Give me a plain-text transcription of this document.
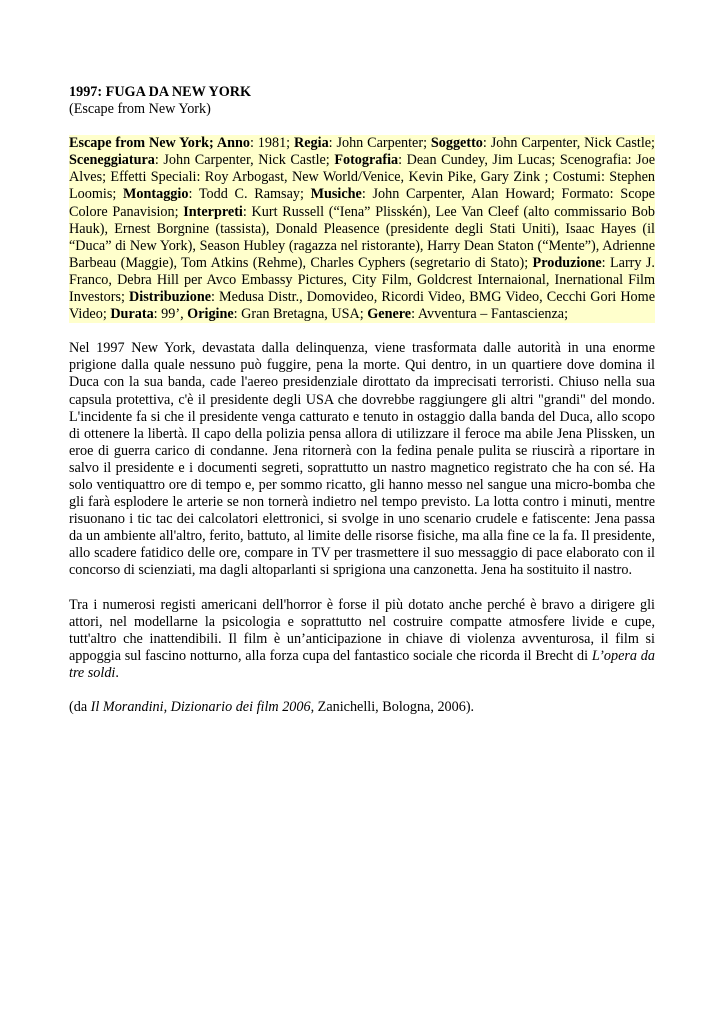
1997: FUGA DA NEW YORK

(Escape from New York)

Escape from New York; Anno: 1981; Regia: John Carpenter; Soggetto: John Carpenter, Nick Castle; Sceneggiatura: John Carpenter, Nick Castle; Fotografia: Dean Cundey, Jim Lucas; Scenografia: Joe Alves; Effetti Speciali: Roy Arbogast, New World/Venice, Kevin Pike, Gary Zink ; Costumi: Stephen Loomis; Montaggio: Todd C. Ramsay; Musiche: John Carpenter, Alan Howard; Formato: Scope Colore Panavision; Interpreti: Kurt Russell (“Iena” Plisskén), Lee Van Cleef (alto commissario Bob Hauk), Ernest Borgnine (tassista), Donald Pleasence (presidente degli Stati Uniti), Isaac Hayes (il “Duca” di New York), Season Hubley (ragazza nel ristorante), Harry Dean Staton (“Mente”), Adrienne Barbeau (Maggie), Tom Atkins (Rehme), Charles Cyphers (segretario di Stato); Produzione: Larry J. Franco, Debra Hill per Avco Embassy Pictures, City Film, Goldcrest Internaional, Inernational Film Investors; Distribuzione: Medusa Distr., Domovideo, Ricordi Video, BMG Video, Cecchi Gori Home Video; Durata: 99’, Origine: Gran Bretagna, USA; Genere: Avventura – Fantascienza;

Nel 1997 New York, devastata dalla delinquenza, viene trasformata dalle autorità in una enorme prigione dalla quale nessuno può fuggire, pena la morte. Qui dentro, in un quartiere dove domina il Duca con la sua banda, cade l'aereo presidenziale dirottato da imprecisati terroristi. Chiuso nella sua capsula protettiva, c'è il presidente degli USA che dovrebbe raggiungere gli altri "grandi" del mondo. L'incidente fa si che il presidente venga catturato e tenuto in ostaggio dalla banda del Duca, allo scopo di ottenere la libertà. Il capo della polizia pensa allora di utilizzare il feroce ma abile Jena Plissken, un eroe di guerra carico di condanne. Jena ritornerà con la fedina penale pulita se riuscirà a riportare in salvo il presidente e i documenti segreti, soprattutto un nastro magnetico registrato che ha con sé. Ha solo ventiquattro ore di tempo e, per sommo ricatto, gli hanno messo nel sangue una micro-bomba che gli farà esplodere le arterie se non tornerà indietro nel tempo previsto. La lotta contro i minuti, mentre risuonano i tic tac dei calcolatori elettronici, si svolge in uno scenario crudele e fatiscente: Jena passa da un ambiente all'altro, ferito, battuto, al limite delle risorse fisiche, ma alla fine ce la fa. Il presidente, allo scadere fatidico delle ore, compare in TV per trasmettere il suo messaggio di pace elaborato con il concorso di scienziati, ma dagli altoparlanti si sprigiona una canzonetta. Jena ha sostituito il nastro.

Tra i numerosi registi americani dell'horror è forse il più dotato anche perché è bravo a dirigere gli attori, nel modellarne la psicologia e soprattutto nel costruire compatte atmosfere livide e cupe, tutt'altro che inattendibili. Il film è un’anticipazione in chiave di violenza avventurosa, il film si appoggia sul fascino notturno, alla forza cupa del fantastico sociale che ricorda il Brecht di L’opera da tre soldi.

(da Il Morandini, Dizionario dei film 2006, Zanichelli, Bologna, 2006).
